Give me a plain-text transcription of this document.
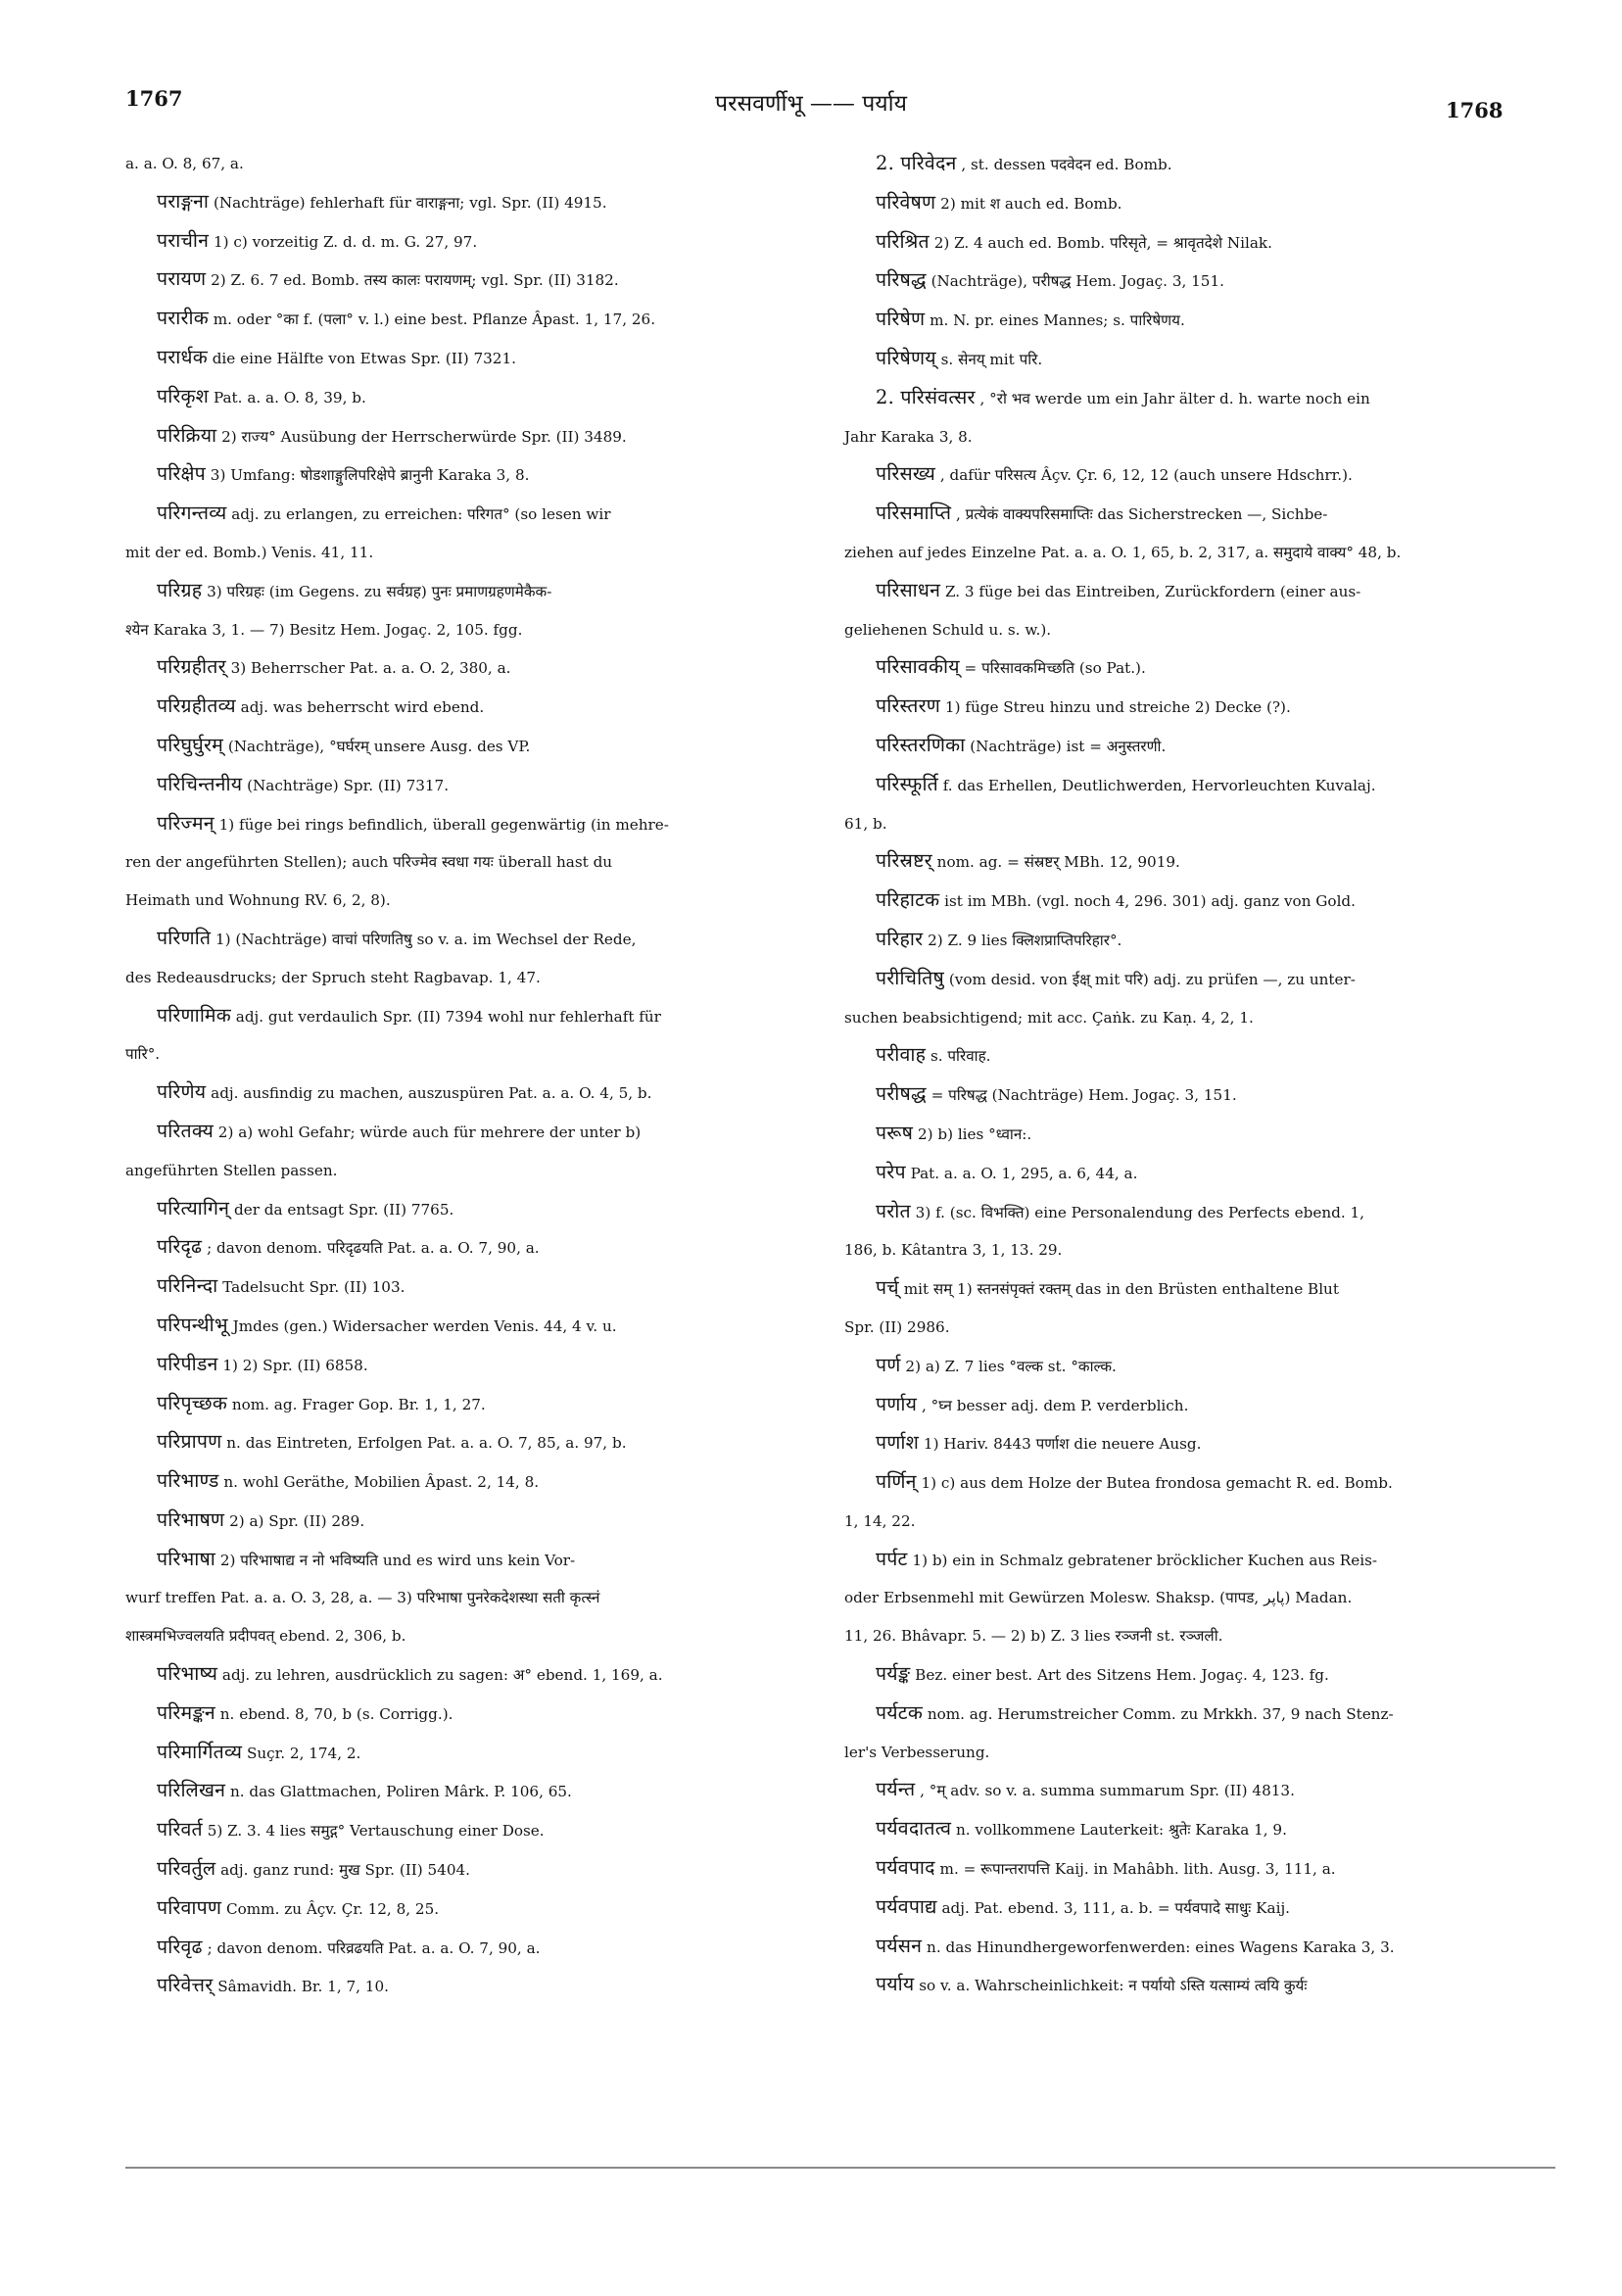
1767	परसवर्णीभू —— पर्याय	1768

a. a. O. 8, 67, a.

पराङ्गना (Nachträge) fehlerhaft für वाराङ्गना; vgl. Spr. (II) 4915.

पराचीन 1) c) vorzeitig Z. d. d. m. G. 27, 97.

परायण 2) Z. 6. 7 ed. Bomb. तस्य कालः परायणम्; vgl. Spr. (II) 3182.

परारीक m. oder °का f. (पला° v. l.) eine best. Pflanze Âpast. 1, 17, 26.

परार्धक die eine Hälfte von Etwas Spr. (II) 7321.

परिकृश Pat. a. a. O. 8, 39, b.

परिक्रिया 2) राज्य° Ausübung der Herrscherwürde Spr. (II) 3489.

परिक्षेप 3) Umfang: षोडशाङ्गुलिपरिक्षेपे ब्रानुनी Karaka 3, 8.

परिगन्तव्य adj. zu erlangen, zu erreichen: परिगत° (so lesen wir

mit der ed. Bomb.) Venis. 41, 11.

परिग्रह 3) परिग्रहः (im Gegens. zu सर्वग्रह) पुनः प्रमाणग्रहणमेकैक-

श्येन Karaka 3, 1. — 7) Besitz Hem. Jogaç. 2, 105. fgg.

परिग्रहीतर् 3) Beherrscher Pat. a. a. O. 2, 380, a.

परिग्रहीतव्य adj. was beherrscht wird ebend.

परिघुर्घुरम् (Nachträge), °घर्घरम् unsere Ausg. des VP.

परिचिन्तनीय (Nachträge) Spr. (II) 7317.

परिज्मन् 1) füge bei rings befindlich, überall gegenwärtig (in mehre-

ren der angeführten Stellen); auch परिज्मेव स्वधा गयः überall hast du

Heimath und Wohnung RV. 6, 2, 8).

परिणति 1) (Nachträge) वाचां परिणतिषु so v. a. im Wechsel der Rede,

des Redeausdrucks; der Spruch steht Ragbavap. 1, 47.

परिणामिक adj. gut verdaulich Spr. (II) 7394 wohl nur fehlerhaft für

पारि°.

परिणेय adj. ausfindig zu machen, auszuspüren Pat. a. a. O. 4, 5, b.

परितक्य 2) a) wohl Gefahr; würde auch für mehrere der unter b)

angeführten Stellen passen.

परित्यागिन् der da entsagt Spr. (II) 7765.

परिदृढ ; davon denom. परिदृढयति Pat. a. a. O. 7, 90, a.

परिनिन्दा Tadelsucht Spr. (II) 103.

परिपन्थीभू Jmdes (gen.) Widersacher werden Venis. 44, 4 v. u.

परिपीडन 1) 2) Spr. (II) 6858.

परिपृच्छक nom. ag. Frager Gop. Br. 1, 1, 27.

परिप्रापण n. das Eintreten, Erfolgen Pat. a. a. O. 7, 85, a. 97, b.

परिभाण्ड n. wohl Geräthe, Mobilien Âpast. 2, 14, 8.

परिभाषण 2) a) Spr. (II) 289.

परिभाषा 2) परिभाषाद्य न नो भविष्यति und es wird uns kein Vor-

wurf treffen Pat. a. a. O. 3, 28, a. — 3) परिभाषा पुनरेकदेशस्था सती कृत्स्नं

शास्त्रमभिज्वलयति प्रदीपवत् ebend. 2, 306, b.

परिभाष्य adj. zu lehren, ausdrücklich zu sagen: अ° ebend. 1, 169, a.

परिमङ्कन n. ebend. 8, 70, b (s. Corrigg.).

परिमार्गितव्य Suçr. 2, 174, 2.

परिलिखन n. das Glattmachen, Poliren Mârk. P. 106, 65.

परिवर्त 5) Z. 3. 4 lies समुद्ग° Vertauschung einer Dose.

परिवर्तुल adj. ganz rund: मुख Spr. (II) 5404.

परिवापण Comm. zu Âçv. Çr. 12, 8, 25.

परिवृढ ; davon denom. परिव्रढयति Pat. a. a. O. 7, 90, a.

परिवेत्तर् Sâmavidh. Br. 1, 7, 10.

2. परिवेदन , st. dessen पदवेदन ed. Bomb.

परिवेषण 2) mit श auch ed. Bomb.

परिश्रित 2) Z. 4 auch ed. Bomb. परिसृते, = श्रावृतदेशे Nilak.

परिषद्ध (Nachträge), परीषद्ध Hem. Jogaç. 3, 151.

परिषेण m. N. pr. eines Mannes; s. पारिषेणय.

परिषेणय् s. सेनय् mit परि.

2. परिसंवत्सर , °रो भव werde um ein Jahr älter d. h. warte noch ein

Jahr Karaka 3, 8.

परिसख्य , dafür परिसत्य Âçv. Çr. 6, 12, 12 (auch unsere Hdschrr.).

परिसमाप्ति , प्रत्येकं वाक्यपरिसमाप्तिः das Sicherstrecken —, Sichbe-

ziehen auf jedes Einzelne Pat. a. a. O. 1, 65, b. 2, 317, a. समुदाये वाक्य° 48, b.

परिसाधन Z. 3 füge bei das Eintreiben, Zurückfordern (einer aus-

geliehenen Schuld u. s. w.).

परिसावकीय् = परिसावकमिच्छति (so Pat.).

परिस्तरण 1) füge Streu hinzu und streiche 2) Decke (?).

परिस्तरणिका (Nachträge) ist = अनुस्तरणी.

परिस्फूर्ति f. das Erhellen, Deutlichwerden, Hervorleuchten Kuvalaj.

61, b.

परिस्रष्टर् nom. ag. = संस्रष्टर् MBh. 12, 9019.

परिहाटक ist im MBh. (vgl. noch 4, 296. 301) adj. ganz von Gold.

परिहार 2) Z. 9 lies क्लिशप्राप्तिपरिहार°.

परीचितिषु (vom desid. von ईक्ष् mit परि) adj. zu prüfen —, zu unter-

suchen beabsichtigend; mit acc. Çaṅk. zu Kaṇ. 4, 2, 1.

परीवाह s. परिवाह.

परीषद्ध = परिषद्ध (Nachträge) Hem. Jogaç. 3, 151.

परूष 2) b) lies °ध्वान:.

परेप Pat. a. a. O. 1, 295, a. 6, 44, a.

परोत 3) f. (sc. विभक्ति) eine Personalendung des Perfects ebend. 1,

186, b. Kâtantra 3, 1, 13. 29.

पर्च् mit सम् 1) स्तनसंपृक्तं रक्तम् das in den Brüsten enthaltene Blut

Spr. (II) 2986.

पर्ण 2) a) Z. 7 lies °वल्क st. °काल्क.

पर्णाय , °घ्न besser adj. dem P. verderblich.

पर्णाश 1) Hariv. 8443 पर्णाश die neuere Ausg.

पर्णिन् 1) c) aus dem Holze der Butea frondosa gemacht R. ed. Bomb.

1, 14, 22.

पर्पट 1) b) ein in Schmalz gebratener bröcklicher Kuchen aus Reis-

oder Erbsenmehl mit Gewürzen Molesw. Shaksp. (पापड, پاپر) Madan.

11, 26. Bhâvapr. 5. — 2) b) Z. 3 lies रञ्जनी st. रञ्जली.

पर्यङ्क Bez. einer best. Art des Sitzens Hem. Jogaç. 4, 123. fg.

पर्यटक nom. ag. Herumstreicher Comm. zu Mrkkh. 37, 9 nach Stenz-

ler's Verbesserung.

पर्यन्त , °म् adv. so v. a. summa summarum Spr. (II) 4813.

पर्यवदातत्व n. vollkommene Lauterkeit: श्रुतेः Karaka 1, 9.

पर्यवपाद m. = रूपान्तरापत्ति Kaij. in Mahâbh. lith. Ausg. 3, 111, a.

पर्यवपाद्य adj. Pat. ebend. 3, 111, a. b. = पर्यवपादे साधुः Kaij.

पर्यसन n. das Hinundhergeworfenwerden: eines Wagens Karaka 3, 3.

पर्याय so v. a. Wahrscheinlichkeit: न पर्यायो ऽस्ति यत्साम्यं त्वयि कुर्यः
